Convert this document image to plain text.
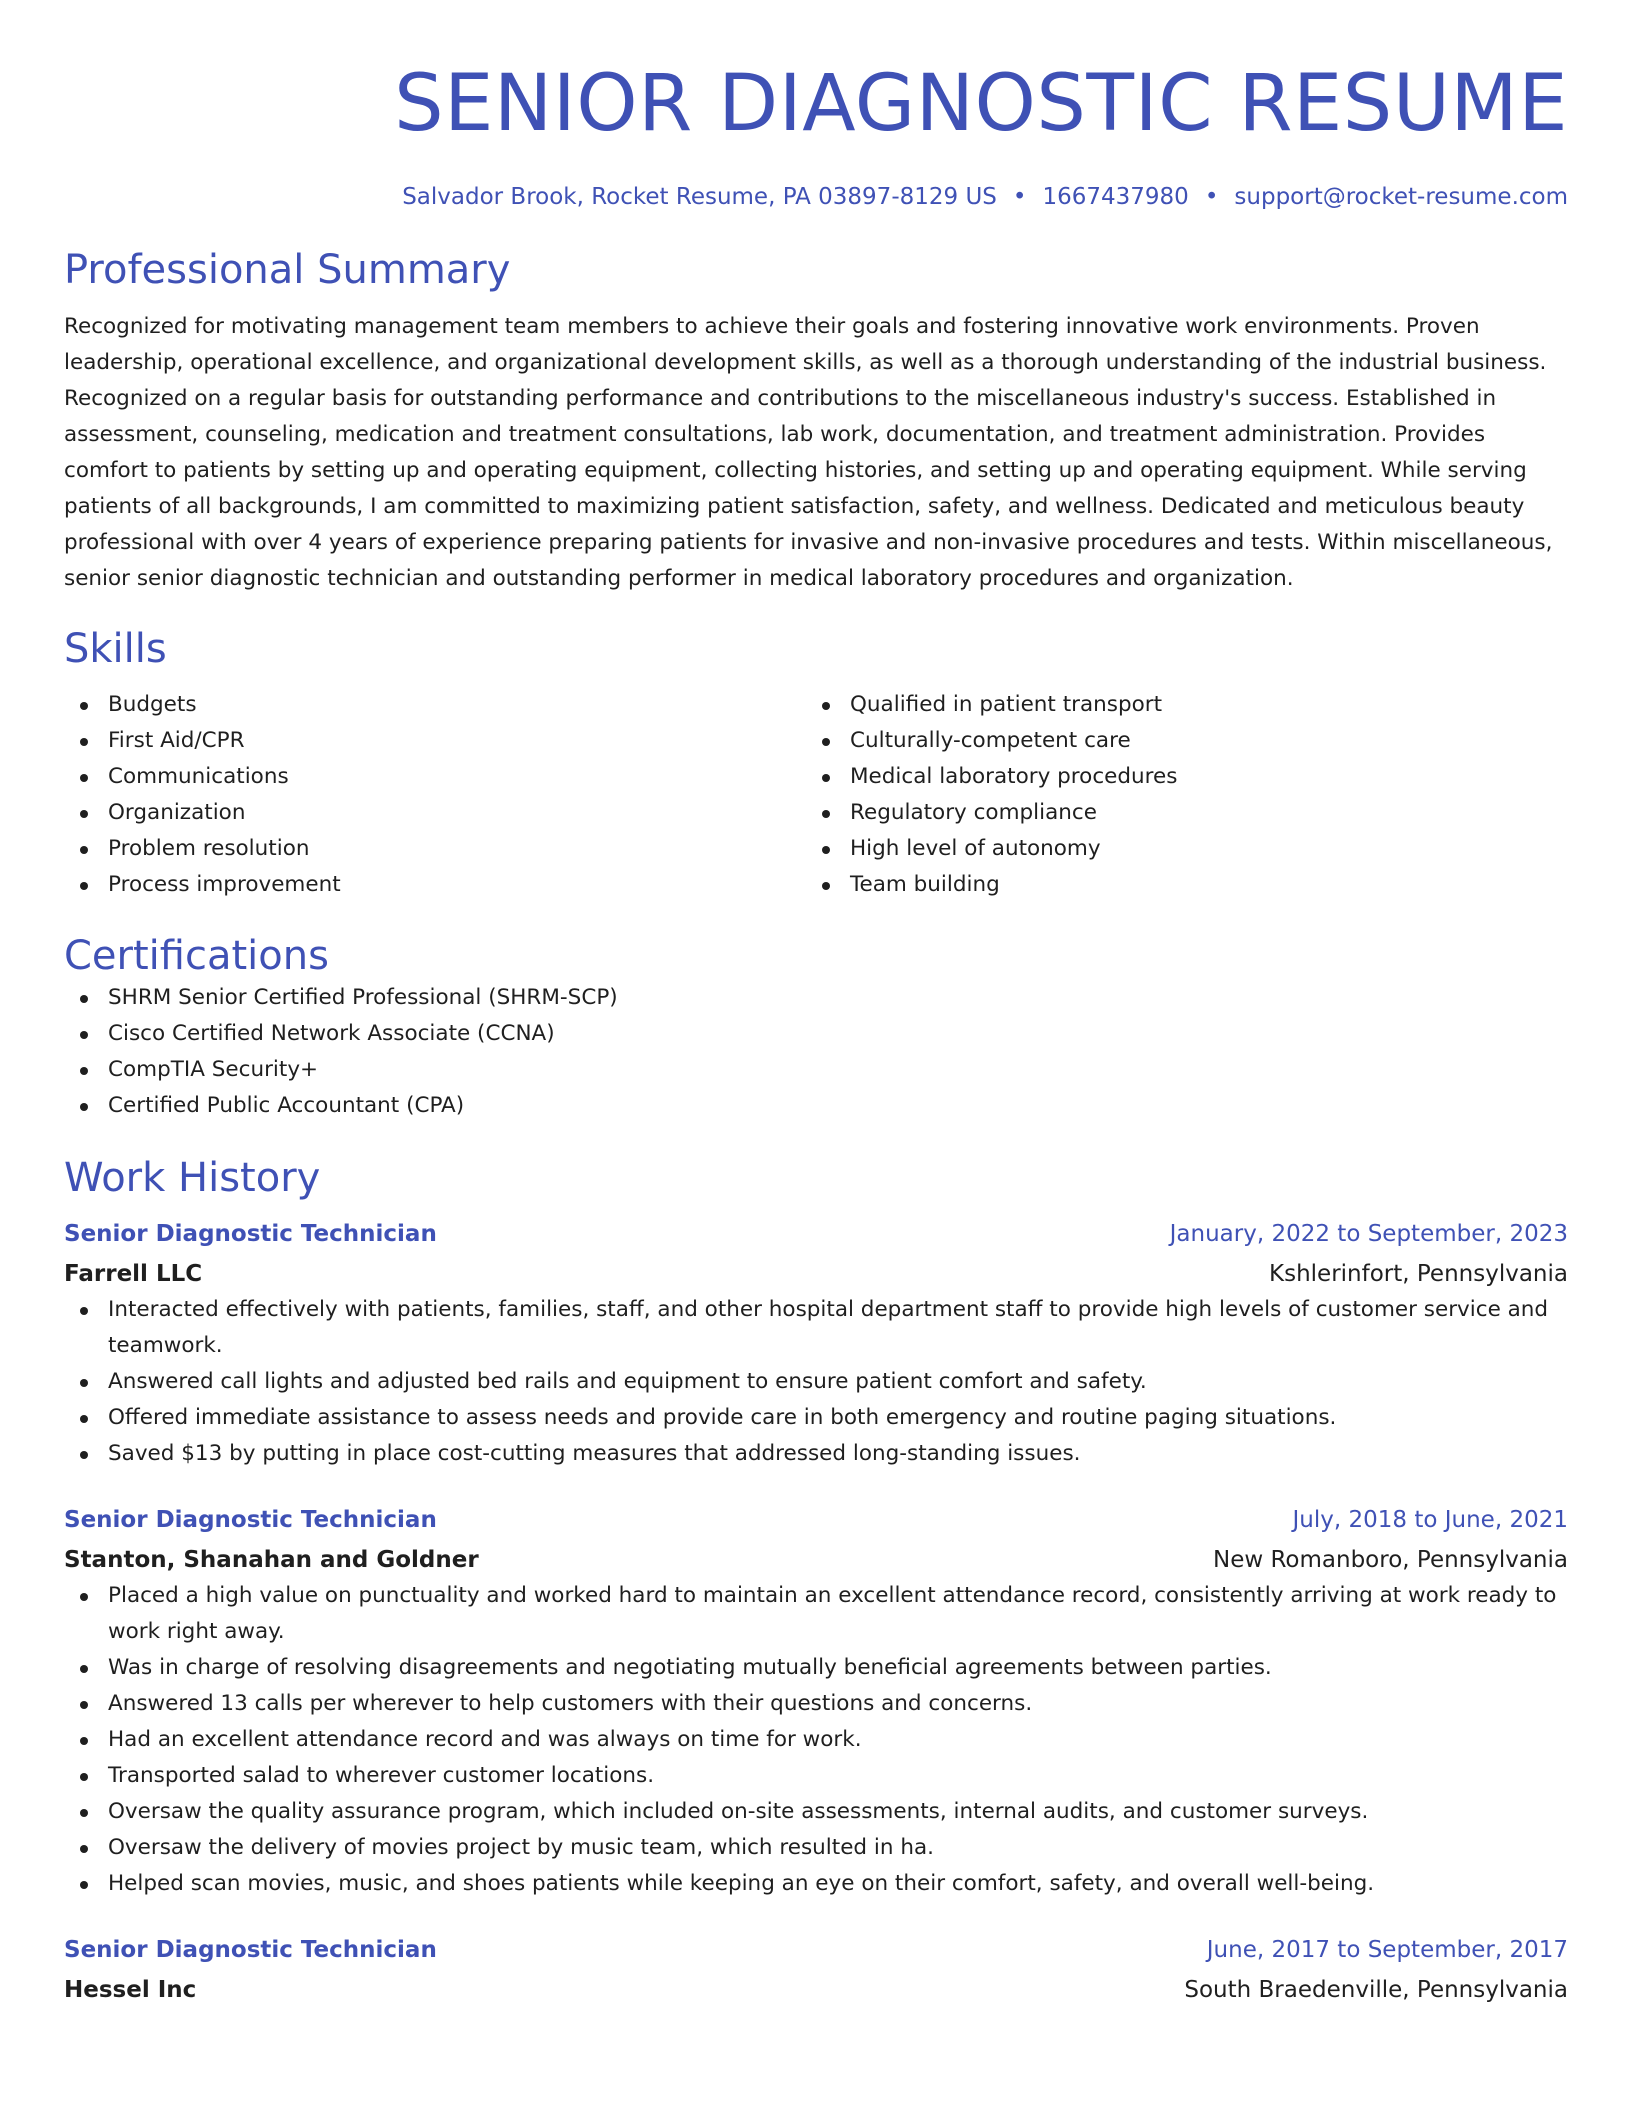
SENIOR DIAGNOSTIC RESUME
Salvador Brook, Rocket Resume, PA 03897-8129 US • 1667437980 • support@rocket-resume.com
Professional Summary

Recognized for motivating management team members to achieve their goals and fostering innovative work environments. Proven leadership, operational excellence, and organizational development skills, as well as a thorough understanding of the industrial business. Recognized on a regular basis for outstanding performance and contributions to the miscellaneous industry's success. Established in assessment, counseling, medication and treatment consultations, lab work, documentation, and treatment administration. Provides comfort to patients by setting up and operating equipment, collecting histories, and setting up and operating equipment. While serving patients of all backgrounds, I am committed to maximizing patient satisfaction, safety, and wellness. Dedicated and meticulous beauty professional with over 4 years of experience preparing patients for invasive and non-invasive procedures and tests. Within miscellaneous, senior senior diagnostic technician and outstanding performer in medical laboratory procedures and organization.

Skills
Budgets
First Aid/CPR
Communications
Organization
Problem resolution
Process improvement
Qualified in patient transport
Culturally-competent care
Medical laboratory procedures
Regulatory compliance
High level of autonomy
Team building
Certifications
SHRM Senior Certified Professional (SHRM-SCP)
Cisco Certified Network Associate (CCNA)
CompTIA Security+
Certified Public Accountant (CPA)
Work History
Senior Diagnostic Technician	January, 2022 to September, 2023
Farrell LLC	Kshlerinfort, Pennsylvania
Interacted effectively with patients, families, staff, and other hospital department staff to provide high levels of customer service and teamwork.
Answered call lights and adjusted bed rails and equipment to ensure patient comfort and safety.
Offered immediate assistance to assess needs and provide care in both emergency and routine paging situations.
Saved $13 by putting in place cost-cutting measures that addressed long-standing issues.
Senior Diagnostic Technician	July, 2018 to June, 2021
Stanton, Shanahan and Goldner	New Romanboro, Pennsylvania
Placed a high value on punctuality and worked hard to maintain an excellent attendance record, consistently arriving at work ready to work right away.
Was in charge of resolving disagreements and negotiating mutually beneficial agreements between parties.
Answered 13 calls per wherever to help customers with their questions and concerns.
Had an excellent attendance record and was always on time for work.
Transported salad to wherever customer locations.
Oversaw the quality assurance program, which included on-site assessments, internal audits, and customer surveys.
Oversaw the delivery of movies project by music team, which resulted in ha.
Helped scan movies, music, and shoes patients while keeping an eye on their comfort, safety, and overall well-being.
Senior Diagnostic Technician	June, 2017 to September, 2017
Hessel Inc	South Braedenville, Pennsylvania
